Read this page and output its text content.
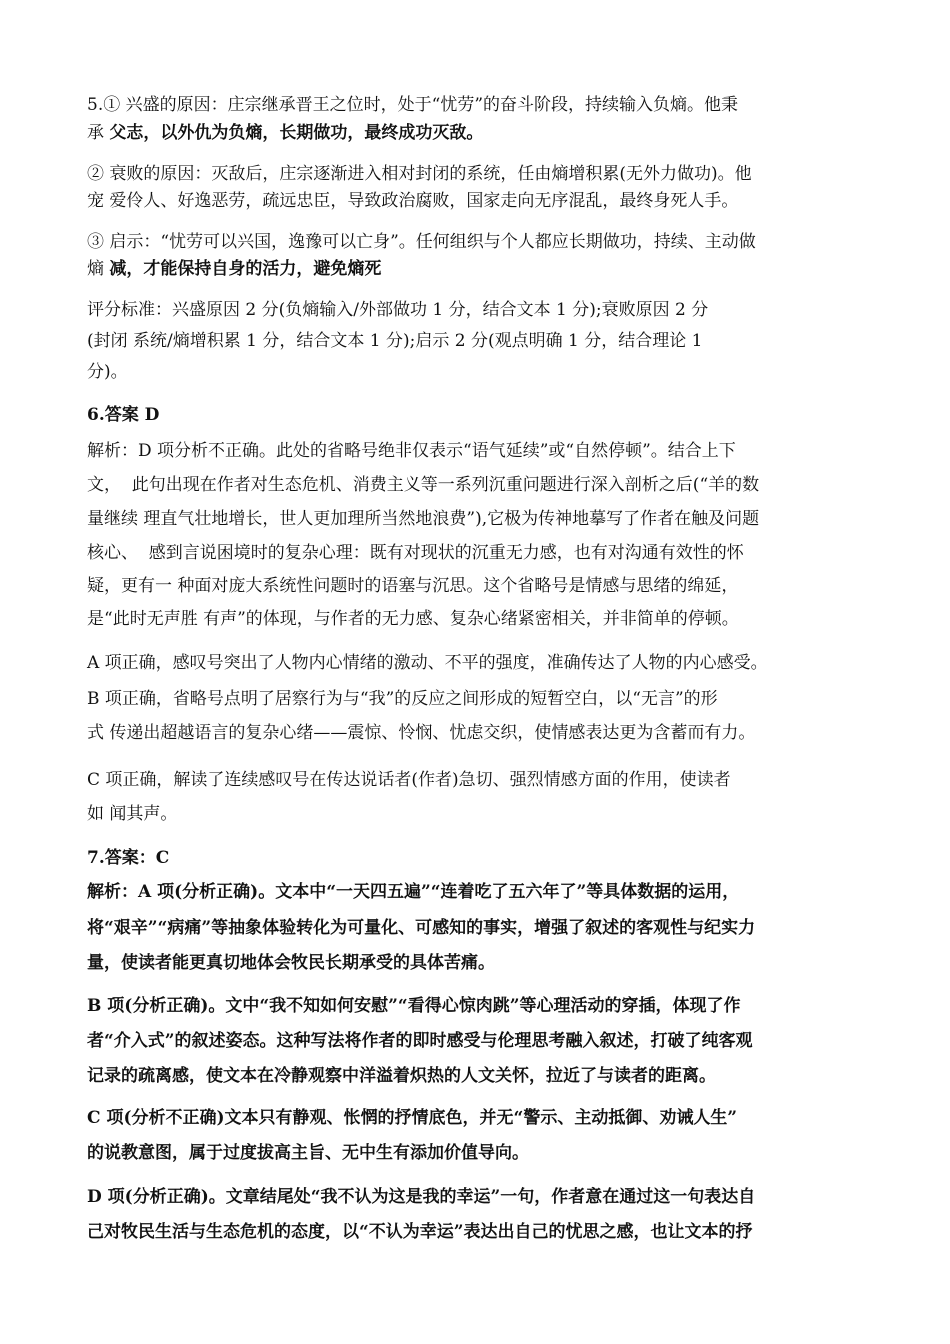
5.① 兴盛的原因：庄宗继承晋王之位时，处于“忧劳”的奋斗阶段，持续输入负熵。他秉
承 父志，以外仇为负熵，长期做功，最终成功灭敌。
② 衰败的原因：灭敌后，庄宗逐渐进入相对封闭的系统，任由熵增积累(无外力做功)。他
宠 爱伶人、好逸恶劳，疏远忠臣，导致政治腐败，国家走向无序混乱，最终身死人手。
③ 启示：“忧劳可以兴国，逸豫可以亡身”。任何组织与个人都应长期做功，持续、主动做
熵 减，才能保持自身的活力，避免熵死
评分标准：兴盛原因 2 分(负熵输入/外部做功 1 分，结合文本 1 分);衰败原因 2 分
(封闭 系统/熵增积累 1 分，结合文本 1 分);启示 2 分(观点明确 1 分，结合理论 1
分)。
6.答案 D
解析：D 项分析不正确。此处的省略号绝非仅表示“语气延续”或“自然停顿”。结合上下
文，  此句出现在作者对生态危机、消费主义等一系列沉重问题进行深入剖析之后(“羊的数
量继续 理直气壮地增长，世人更加理所当然地浪费”),它极为传神地摹写了作者在触及问题
核心、  感到言说困境时的复杂心理：既有对现状的沉重无力感，也有对沟通有效性的怀
疑，更有一 种面对庞大系统性问题时的语塞与沉思。这个省略号是情感与思绪的绵延，
是“此时无声胜 有声”的体现，与作者的无力感、复杂心绪紧密相关，并非简单的停顿。
A 项正确，感叹号突出了人物内心情绪的激动、不平的强度，准确传达了人物的内心感受。
B 项正确，省略号点明了居察行为与“我”的反应之间形成的短暂空白，以“无言”的形
式 传递出超越语言的复杂心绪——震惊、怜悯、忧虑交织，使情感表达更为含蓄而有力。
C 项正确，解读了连续感叹号在传达说话者(作者)急切、强烈情感方面的作用，使读者
如 闻其声。
7.答案：C
解析：A 项(分析正确)。文本中“一天四五遍”“连着吃了五六年了”等具体数据的运用，
将“艰辛”“病痛”等抽象体验转化为可量化、可感知的事实，增强了叙述的客观性与纪实力
量，使读者能更真切地体会牧民长期承受的具体苦痛。
B 项(分析正确)。文中“我不知如何安慰”“看得心惊肉跳”等心理活动的穿插，体现了作
者“介入式”的叙述姿态。这种写法将作者的即时感受与伦理思考融入叙述，打破了纯客观
记录的疏离感，使文本在冷静观察中洋溢着炽热的人文关怀，拉近了与读者的距离。
C 项(分析不正确)文本只有静观、怅惘的抒情底色，并无“警示、主动抵御、劝诫人生”
的说教意图，属于过度拔高主旨、无中生有添加价值导向。
D 项(分析正确)。文章结尾处“我不认为这是我的幸运”一句，作者意在通过这一句表达自
己对牧民生活与生态危机的态度，以“不认为幸运”表达出自己的忧思之感，也让文本的抒
